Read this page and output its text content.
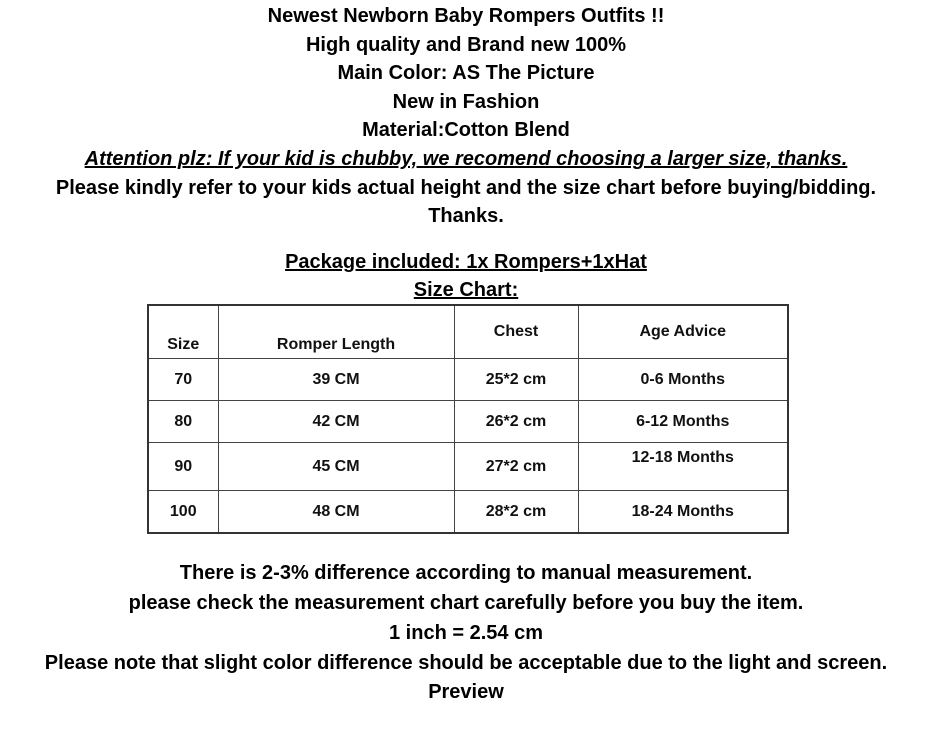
Newest Newborn Baby Rompers Outfits !!
High quality and Brand new 100%
Main Color: AS The Picture
New in Fashion
Material:Cotton Blend
Attention plz: If your kid is chubby, we recomend choosing a larger size, thanks.
Please kindly refer to your kids actual height and the size chart before buying/bidding.
Thanks.
Package included: 1x Rompers+1xHat
Size Chart:
Size	Romper Length	Chest	Age Advice
70	39 CM	25*2 cm	0-6 Months
80	42 CM	26*2 cm	6-12 Months
90	45 CM	27*2 cm	12-18 Months
100	48 CM	28*2 cm	18-24 Months
There is 2-3% difference according to manual measurement.
please check the measurement chart carefully before you buy the item.
1 inch = 2.54 cm
Please note that slight color difference should be acceptable due to the light and screen.
Preview
